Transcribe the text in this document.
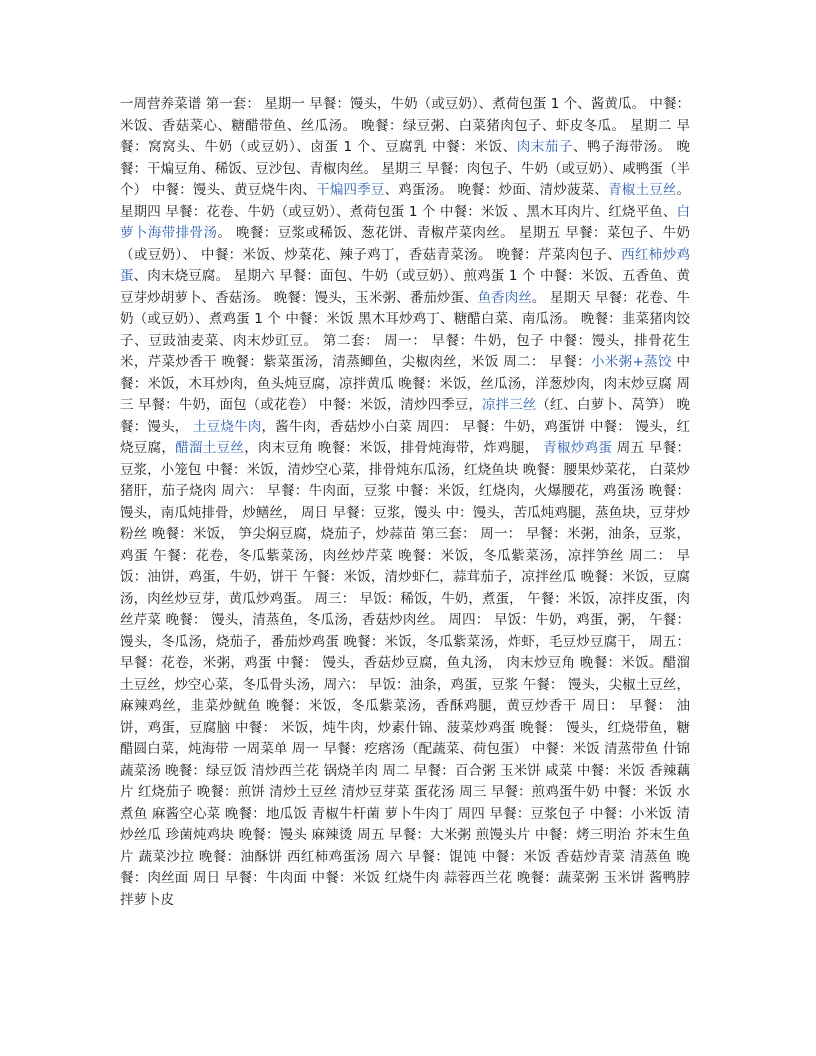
一周营养菜谱 第一套： 星期一 早餐：馒头，牛奶（或豆奶）、煮荷包蛋 1 个、酱黄瓜。 中餐：米饭、香菇菜心、糖醋带鱼、丝瓜汤。 晚餐：绿豆粥、白菜猪肉包子、虾皮冬瓜。 星期二 早餐：窝窝头、牛奶（或豆奶）、卤蛋 1 个、豆腐乳 中餐：米饭、肉末茄子、鸭子海带汤。 晚餐：干煸豆角、稀饭、豆沙包、青椒肉丝。 星期三 早餐：肉包子、牛奶（或豆奶）、咸鸭蛋（半个） 中餐：馒头、黄豆烧牛肉、干煸四季豆、鸡蛋汤。 晚餐：炒面、清炒菠菜、青椒土豆丝。 星期四 早餐：花卷、牛奶（或豆奶）、煮荷包蛋 1 个 中餐：米饭 、黑木耳肉片、红烧平鱼、白萝卜海带排骨汤。 晚餐：豆浆或稀饭、葱花饼、青椒芹菜肉丝。 星期五 早餐：菜包子、牛奶（或豆奶）、 中餐：米饭、炒菜花、辣子鸡丁，香菇青菜汤。 晚餐：芹菜肉包子、西红柿炒鸡蛋、肉末烧豆腐。 星期六 早餐：面包、牛奶（或豆奶）、煎鸡蛋 1 个 中餐：米饭、五香鱼、黄豆芽炒胡萝卜、香菇汤。 晚餐：馒头，玉米粥、番茄炒蛋、鱼香肉丝。 星期天 早餐：花卷、牛奶（或豆奶）、煮鸡蛋 1 个 中餐：米饭 黑木耳炒鸡丁、糖醋白菜、南瓜汤。 晚餐：韭菜猪肉饺子、豆豉油麦菜、肉末炒豇豆。 第二套： 周一： 早餐：牛奶，包子 中餐：馒头，排骨花生米，芹菜炒香干 晚餐：紫菜蛋汤，清蒸鲫鱼，尖椒肉丝，米饭 周二： 早餐：小米粥+蒸饺 中餐：米饭，木耳炒肉，鱼头炖豆腐，凉拌黄瓜 晚餐：米饭，丝瓜汤，洋葱炒肉，肉末炒豆腐 周三 早餐：牛奶，面包（或花卷） 中餐：米饭，清炒四季豆，凉拌三丝（红、白萝卜、莴笋） 晚餐：馒头， 土豆烧牛肉，酱牛肉，香菇炒小白菜 周四： 早餐：牛奶，鸡蛋饼 中餐： 馒头，红烧豆腐，醋溜土豆丝，肉末豆角 晚餐：米饭，排骨炖海带，炸鸡腿， 青椒炒鸡蛋 周五 早餐：豆浆，小笼包 中餐：米饭，清炒空心菜，排骨炖东瓜汤，红烧鱼块 晚餐：腰果炒菜花， 白菜炒猪肝，茄子烧肉 周六： 早餐：牛肉面，豆浆 中餐：米饭，红烧肉，火爆腰花，鸡蛋汤 晚餐：馒头，南瓜炖排骨，炒鳝丝， 周日 早餐：豆浆，馒头 中：馒头，苦瓜炖鸡腿，蒸鱼块，豆芽炒粉丝 晚餐：米饭， 笋尖焖豆腐，烧茄子，炒蒜苗 第三套： 周一： 早餐：米粥，油条，豆浆，鸡蛋 午餐：花卷，冬瓜紫菜汤，肉丝炒芹菜 晚餐：米饭，冬瓜紫菜汤，凉拌笋丝 周二： 早饭：油饼，鸡蛋，牛奶，饼干 午餐：米饭，清炒虾仁，蒜茸茄子，凉拌丝瓜 晚餐：米饭，豆腐汤，肉丝炒豆芽，黄瓜炒鸡蛋。 周三： 早饭：稀饭，牛奶，煮蛋， 午餐：米饭，凉拌皮蛋，肉丝芹菜 晚餐： 馒头，清蒸鱼，冬瓜汤，香菇炒肉丝。 周四： 早饭：牛奶，鸡蛋，粥， 午餐：馒头，冬瓜汤，烧茄子，番茄炒鸡蛋 晚餐：米饭，冬瓜紫菜汤，炸虾，毛豆炒豆腐干， 周五： 早餐：花卷，米粥，鸡蛋 中餐： 馒头，香菇炒豆腐，鱼丸汤， 肉末炒豆角 晚餐：米饭。醋溜土豆丝，炒空心菜，冬瓜骨头汤，周六： 早饭：油条，鸡蛋，豆浆 午餐： 馒头，尖椒土豆丝，麻辣鸡丝，韭菜炒鱿鱼 晚餐：米饭，冬瓜紫菜汤，香酥鸡腿，黄豆炒香干 周日： 早餐： 油饼，鸡蛋，豆腐脑 中餐： 米饭，炖牛肉，炒素什锦、菠菜炒鸡蛋 晚餐： 馒头，红烧带鱼，糖醋圆白菜，炖海带 一周菜单 周一 早餐：疙瘩汤（配蔬菜、荷包蛋） 中餐：米饭 清蒸带鱼 什锦蔬菜汤 晚餐：绿豆饭 清炒西兰花 锅烧羊肉 周二 早餐：百合粥 玉米饼 咸菜 中餐：米饭 香辣藕片 红烧茄子 晚餐：煎饼 清炒土豆丝 清炒豆芽菜 蛋花汤 周三 早餐：煎鸡蛋牛奶 中餐：米饭 水煮鱼 麻酱空心菜 晚餐：地瓜饭 青椒牛杆菌 萝卜牛肉丁 周四 早餐：豆浆包子 中餐：小米饭 清炒丝瓜 珍菌炖鸡块 晚餐：馒头 麻辣烫 周五 早餐：大米粥 煎馒头片 中餐：烤三明治 芥末生鱼片 蔬菜沙拉 晚餐：油酥饼 西红柿鸡蛋汤 周六 早餐：馄饨 中餐：米饭 香菇炒青菜 清蒸鱼 晚餐：肉丝面 周日 早餐：牛肉面 中餐：米饭 红烧牛肉 蒜蓉西兰花 晚餐：蔬菜粥 玉米饼 酱鸭脖 拌萝卜皮
